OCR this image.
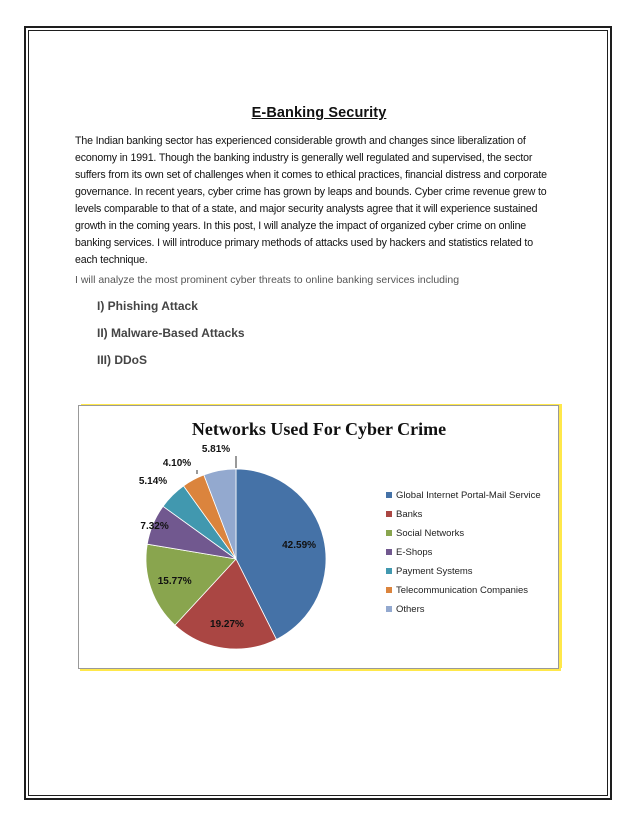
E-Banking Security
The Indian banking sector has experienced considerable growth and changes since liberalization of
economy in 1991. Though the banking industry is generally well regulated and supervised, the sector
suffers from its own set of challenges when it comes to ethical practices, financial distress and corporate
governance. In recent years, cyber crime has grown by leaps and bounds. Cyber crime revenue grew to
levels comparable to that of a state, and major security analysts agree that it will experience sustained
growth in the coming years. In this post, I will analyze the impact of organized cyber crime on online
banking services. I will introduce primary methods of attacks used by hackers and statistics related to
each technique.
I will analyze the most prominent cyber threats to online banking services including
I) Phishing Attack
II) Malware-Based Attacks
III) DDoS
Networks Used For Cyber Crime
42.59%
19.27%
15.77%
7.32%
5.14%
4.10%
5.81%
Global Internet Portal-Mail Service
Banks
Social Networks
E-Shops
Payment Systems
Telecommunication Companies
Others
